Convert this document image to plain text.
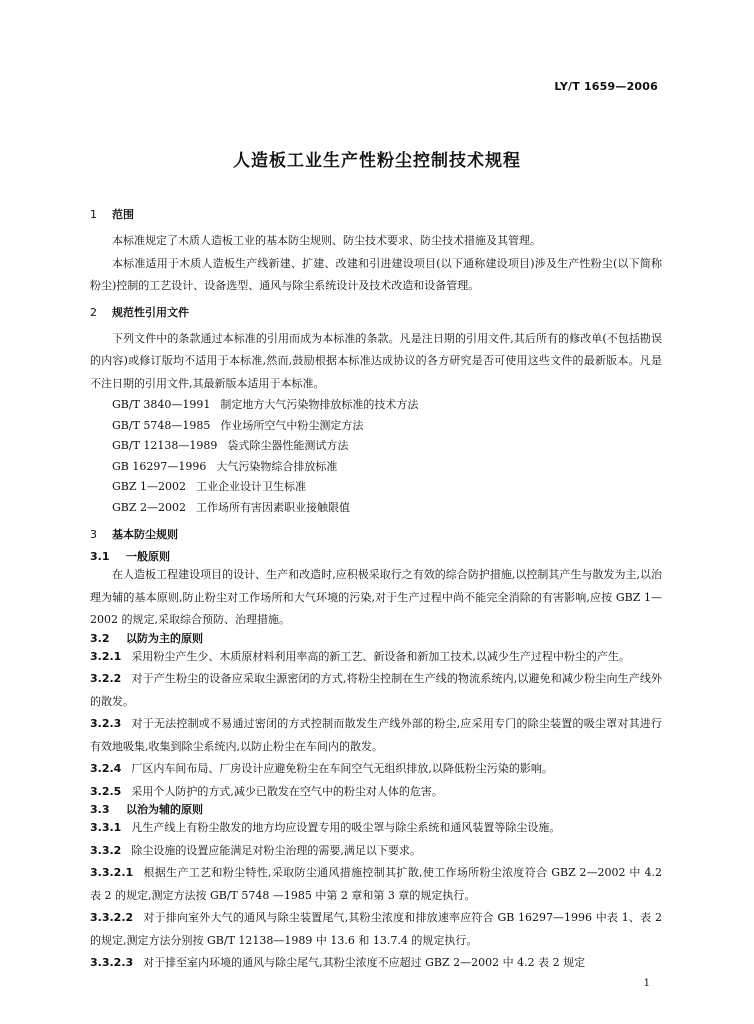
LY/T 1659—2006
人造板工业生产性粉尘控制技术规程
1 范围

本标准规定了木质人造板工业的基本防尘规则、防尘技术要求、防尘技术措施及其管理。

本标准适用于木质人造板生产线新建、扩建、改建和引进建设项目(以下通称建设项目)涉及生产性粉尘(以下简称粉尘)控制的工艺设计、设备选型、通风与除尘系统设计及技术改造和设备管理。

2 规范性引用文件

下列文件中的条款通过本标准的引用而成为本标准的条款。凡是注日期的引用文件,其后所有的修改单(不包括勘误的内容)或修订版均不适用于本标准,然而,鼓励根据本标准达成协议的各方研究是否可使用这些文件的最新版本。凡是不注日期的引用文件,其最新版本适用于本标准。

GB/T 3840—1991 制定地方大气污染物排放标准的技术方法
GB/T 5748—1985 作业场所空气中粉尘测定方法
GB/T 12138—1989 袋式除尘器性能测试方法
GB 16297—1996 大气污染物综合排放标准
GBZ 1—2002 工业企业设计卫生标准
GBZ 2—2002 工作场所有害因素职业接触限值
3 基本防尘规则
3.1 一般原则

在人造板工程建设项目的设计、生产和改造时,应积极采取行之有效的综合防护措施,以控制其产生与散发为主,以治理为辅的基本原则,防止粉尘对工作场所和大气环境的污染,对于生产过程中尚不能完全消除的有害影响,应按 GBZ 1—2002 的规定,采取综合预防、治理措施。

3.2 以防为主的原则

3.2.1 采用粉尘产生少、木质原材料利用率高的新工艺、新设备和新加工技术,以减少生产过程中粉尘的产生。

3.2.2 对于产生粉尘的设备应采取尘源密闭的方式,将粉尘控制在生产线的物流系统内,以避免和减少粉尘向生产线外的散发。

3.2.3 对于无法控制或不易通过密闭的方式控制而散发生产线外部的粉尘,应采用专门的除尘装置的吸尘罩对其进行有效地吸集,收集到除尘系统内,以防止粉尘在车间内的散发。

3.2.4 厂区内车间布局、厂房设计应避免粉尘在车间空气无组织排放,以降低粉尘污染的影响。

3.2.5 采用个人防护的方式,减少已散发在空气中的粉尘对人体的危害。

3.3 以治为辅的原则

3.3.1 凡生产线上有粉尘散发的地方均应设置专用的吸尘罩与除尘系统和通风装置等除尘设施。

3.3.2 除尘设施的设置应能满足对粉尘治理的需要,满足以下要求。

3.3.2.1 根据生产工艺和粉尘特性,采取防尘通风措施控制其扩散,使工作场所粉尘浓度符合 GBZ 2—2002 中 4.2 表 2 的规定,测定方法按 GB/T 5748 —1985 中第 2 章和第 3 章的规定执行。

3.3.2.2 对于排向室外大气的通风与除尘装置尾气,其粉尘浓度和排放速率应符合 GB 16297—1996 中表 1、表 2 的规定,测定方法分别按 GB/T 12138—1989 中 13.6 和 13.7.4 的规定执行。

3.3.2.3 对于排至室内环境的通风与除尘尾气,其粉尘浓度不应超过 GBZ 2—2002 中 4.2 表 2 规定

1
